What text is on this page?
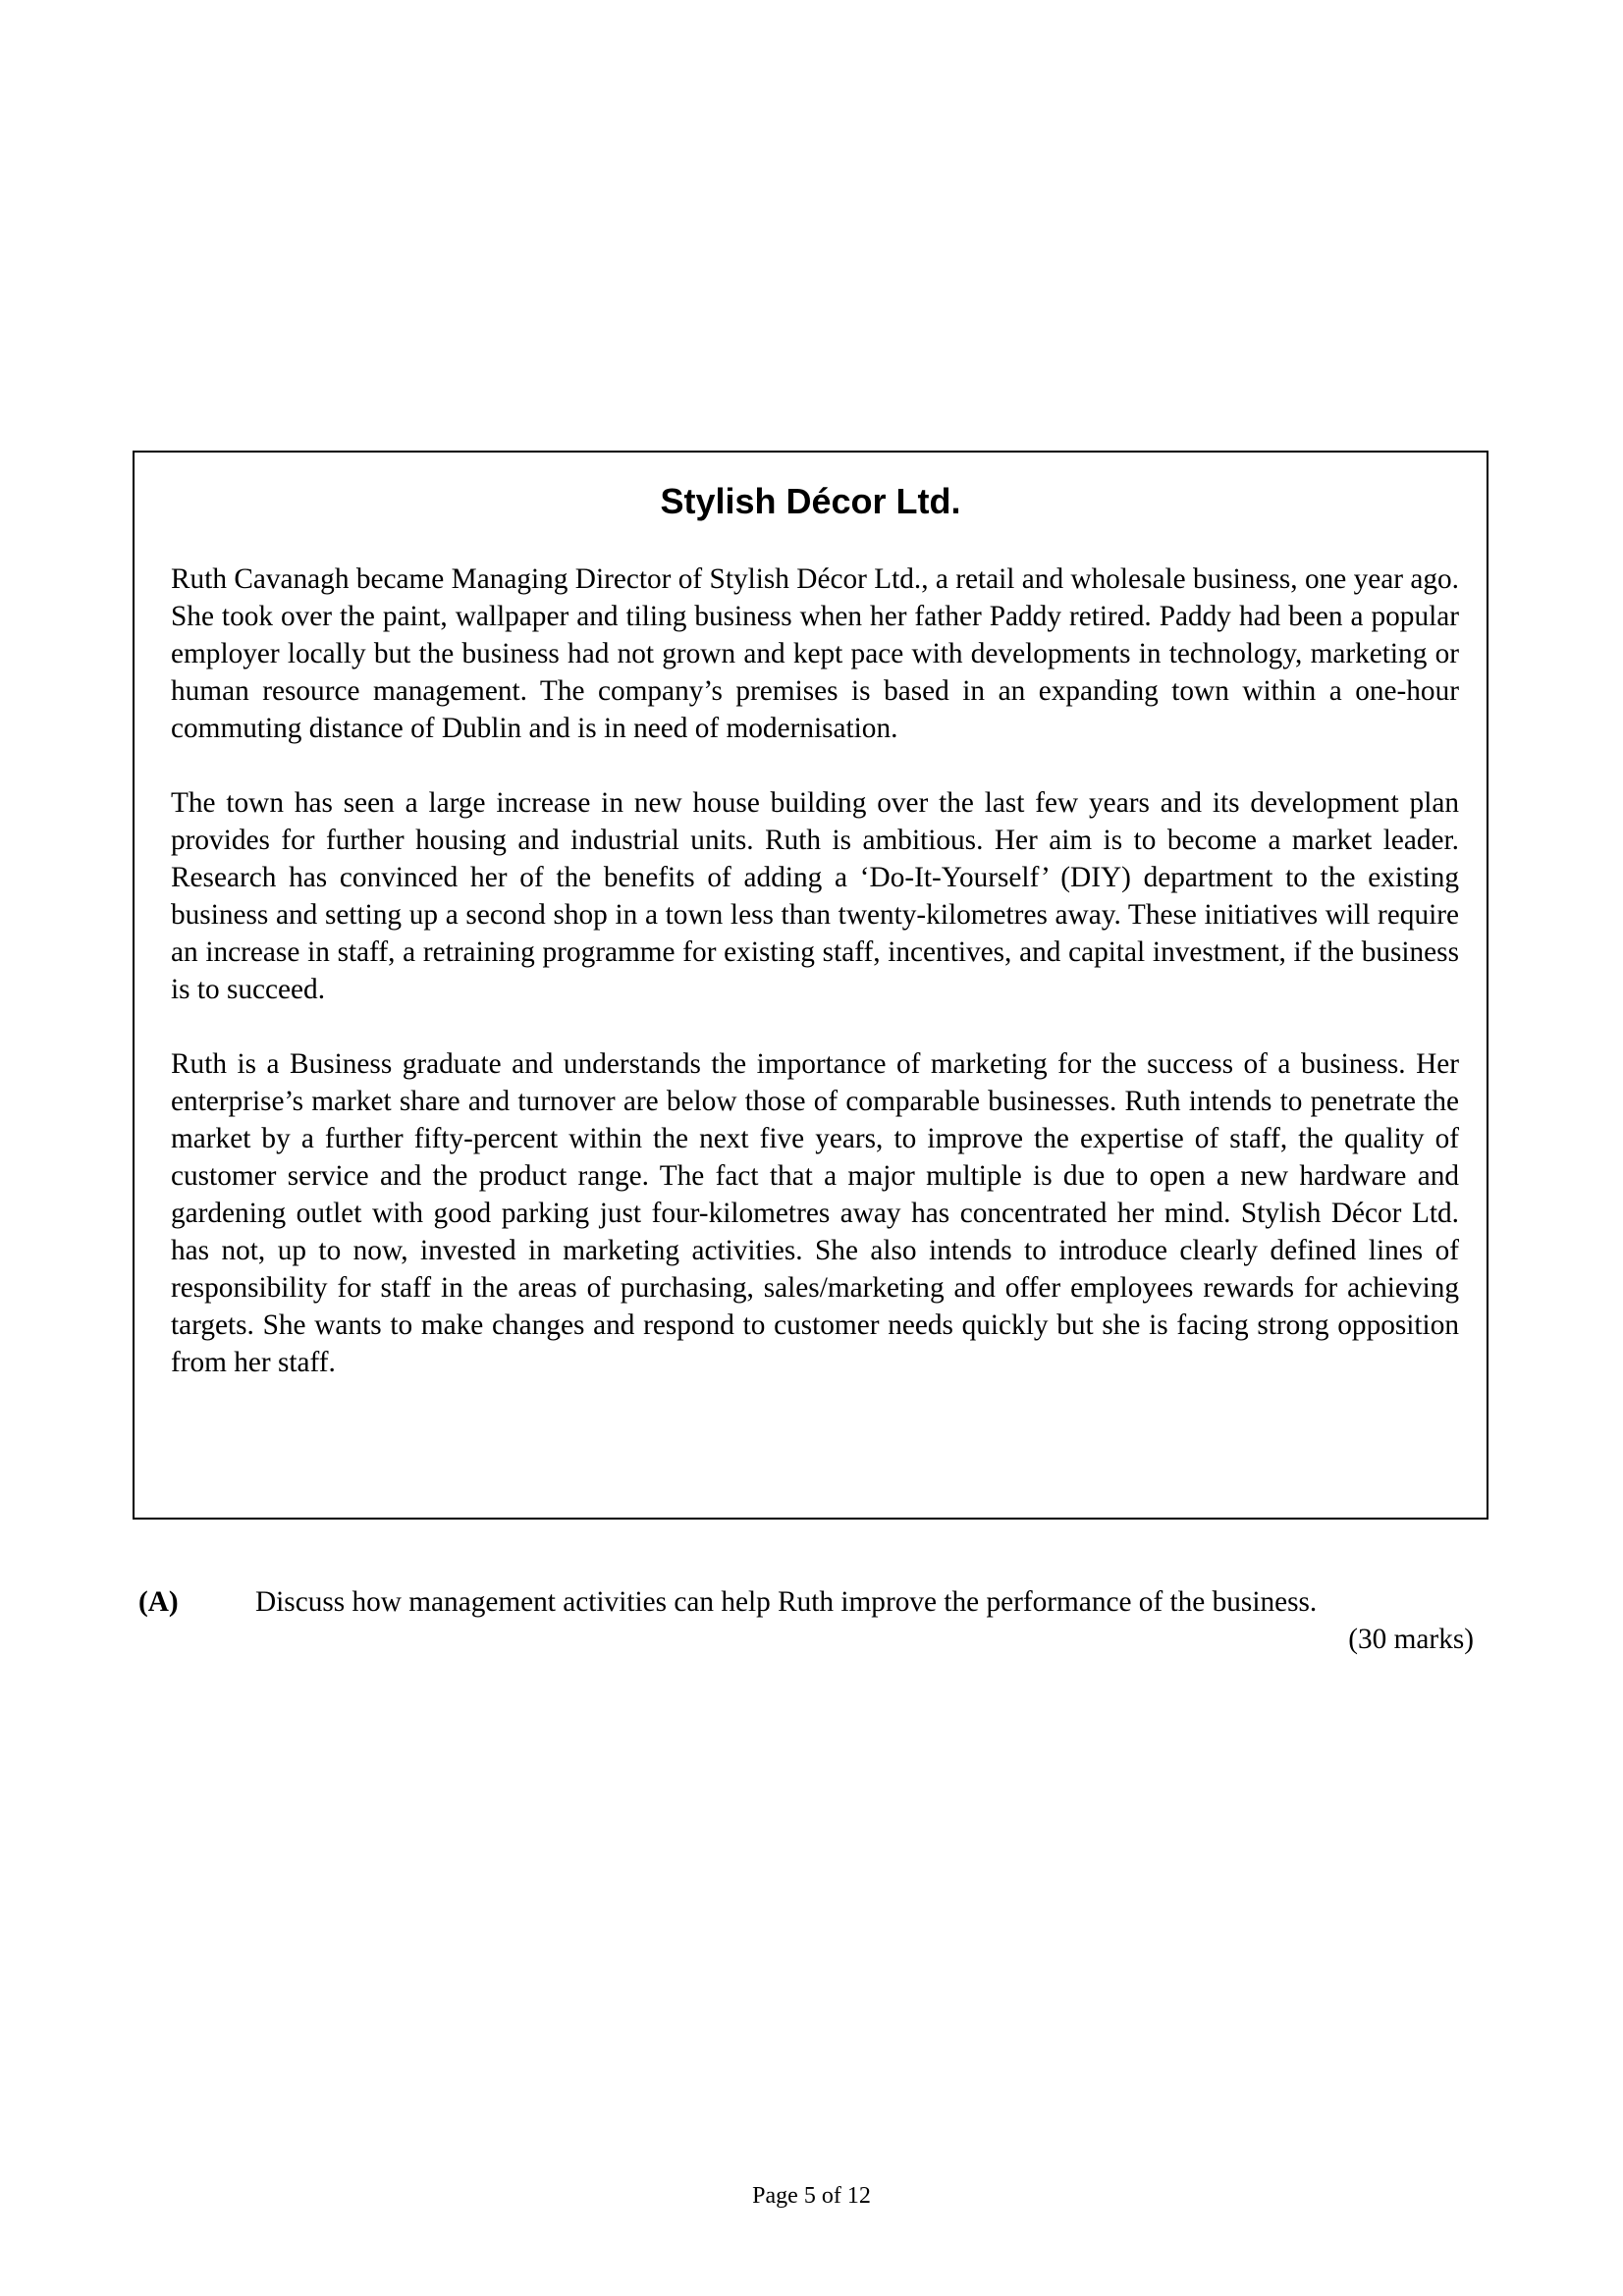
Stylish Décor Ltd.

Ruth Cavanagh became Managing Director of Stylish Décor Ltd., a retail and wholesale business, one year ago. She took over the paint, wallpaper and tiling business when her father Paddy retired. Paddy had been a popular employer locally but the business had not grown and kept pace with developments in technology, marketing or human resource management. The company’s premises is based in an expanding town within a one-hour commuting distance of Dublin and is in need of modernisation.

The town has seen a large increase in new house building over the last few years and its development plan provides for further housing and industrial units. Ruth is ambitious. Her aim is to become a market leader. Research has convinced her of the benefits of adding a ‘Do-It-Yourself’ (DIY) department to the existing business and setting up a second shop in a town less than twenty-kilometres away. These initiatives will require an increase in staff, a retraining programme for existing staff, incentives, and capital investment, if the business is to succeed.

Ruth is a Business graduate and understands the importance of marketing for the success of a business. Her enterprise’s market share and turnover are below those of comparable businesses. Ruth intends to penetrate the market by a further fifty-percent within the next five years, to improve the expertise of staff, the quality of customer service and the product range. The fact that a major multiple is due to open a new hardware and gardening outlet with good parking just four-kilometres away has concentrated her mind. Stylish Décor Ltd. has not, up to now, invested in marketing activities. She also intends to introduce clearly defined lines of responsibility for staff in the areas of purchasing, sales/marketing and offer employees rewards for achieving targets. She wants to make changes and respond to customer needs quickly but she is facing strong opposition from her staff.

(A)	Discuss how management activities can help Ruth improve the performance of the business.
(30 marks)
Page 5 of 12
